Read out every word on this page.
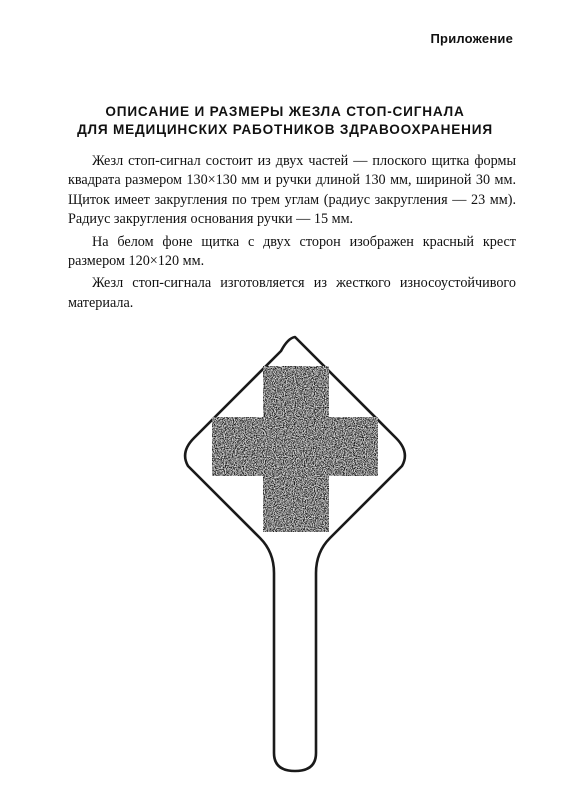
Приложение
ОПИСАНИЕ И РАЗМЕРЫ ЖЕЗЛА СТОП-СИГНАЛА
ДЛЯ МЕДИЦИНСКИХ РАБОТНИКОВ ЗДРАВООХРАНЕНИЯ

Жезл стоп-сигнал состоит из двух частей — плоского щитка формы квадрата размером 130×130 мм и ручки длиной 130 мм, шириной 30 мм. Щиток имеет закругления по трем углам (радиус закругления — 23 мм). Радиус закругления основания ручки — 15 мм.

На белом фоне щитка с двух сторон изображен красный крест размером 120×120 мм.

Жезл стоп-сигнала изготовляется из жесткого износоустойчивого материала.
